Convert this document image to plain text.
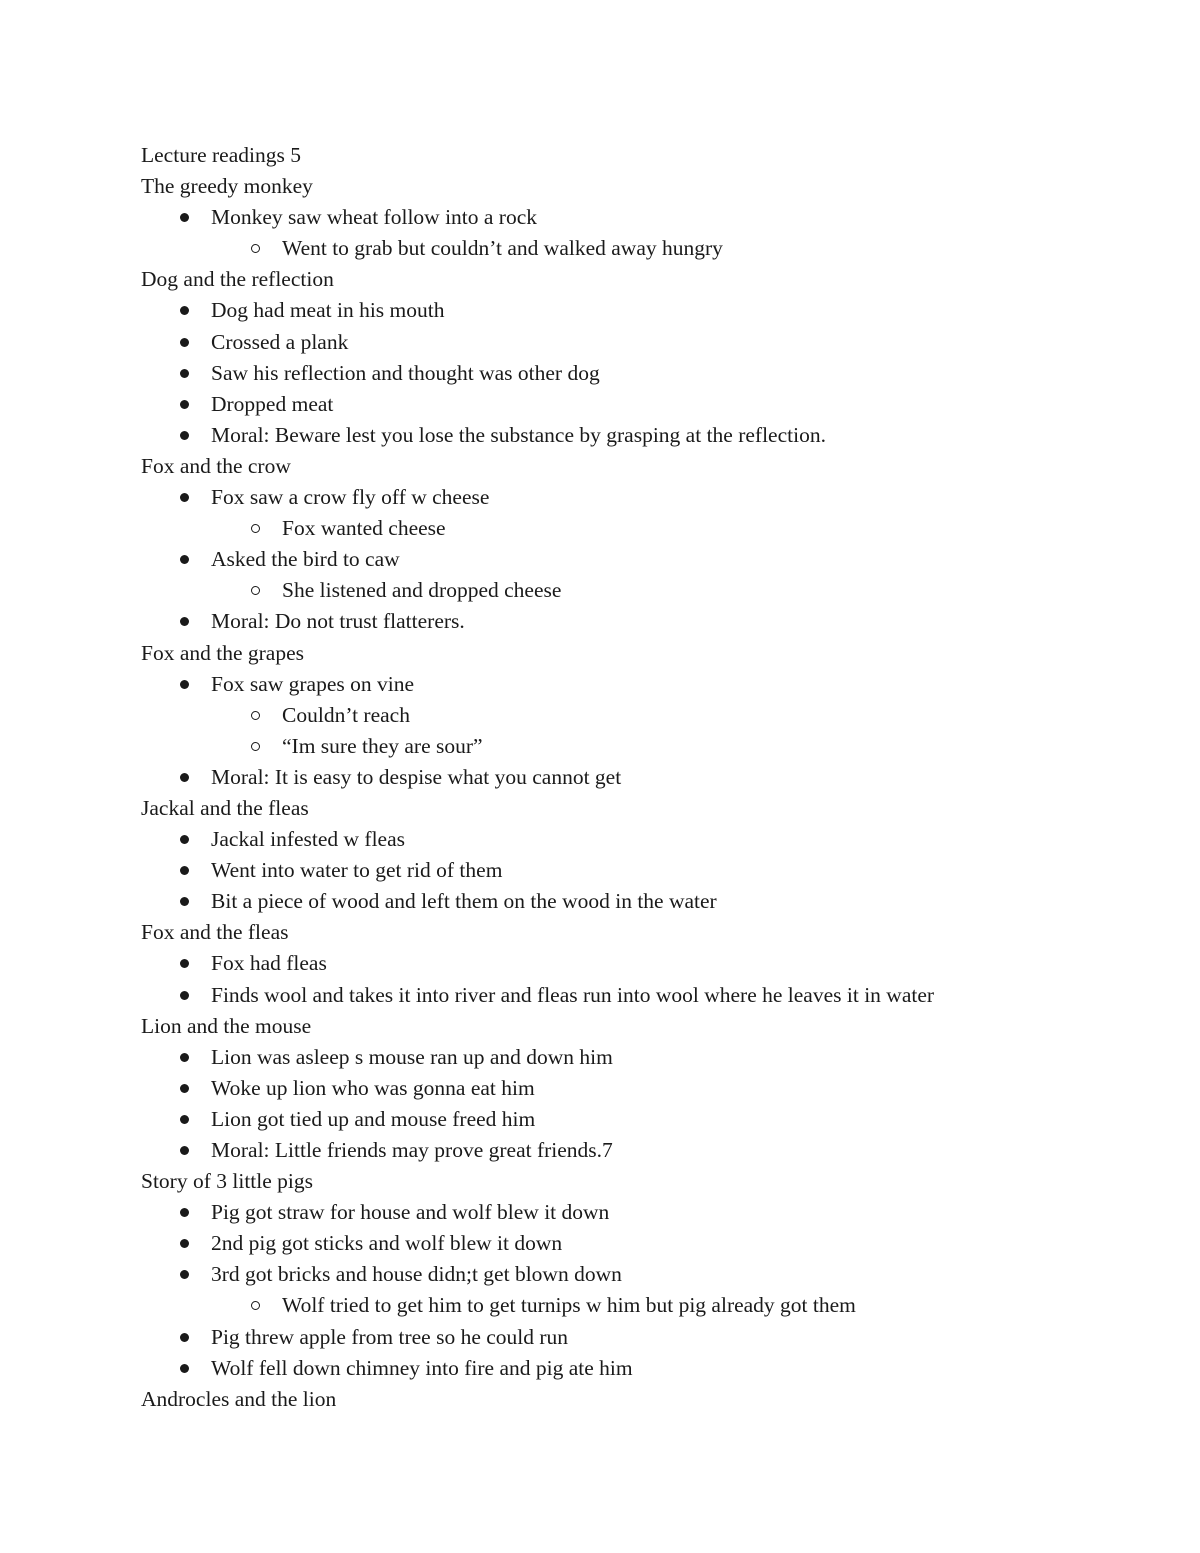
Lecture readings 5
The greedy monkey
Monkey saw wheat follow into a rock
Went to grab but couldn’t and walked away hungry
Dog and the reflection
Dog had meat in his mouth
Crossed a plank
Saw his reflection and thought was other dog
Dropped meat
Moral: Beware lest you lose the substance by grasping at the reflection.
Fox and the crow
Fox saw a crow fly off w cheese
Fox wanted cheese
Asked the bird to caw
She listened and dropped cheese
Moral: Do not trust flatterers.
Fox and the grapes
Fox saw grapes on vine
Couldn’t reach
“Im sure they are sour”
Moral: It is easy to despise what you cannot get
Jackal and the fleas
Jackal infested w fleas
Went into water to get rid of them
Bit a piece of wood and left them on the wood in the water
Fox and the fleas
Fox had fleas
Finds wool and takes it into river and fleas run into wool where he leaves it in water
Lion and the mouse
Lion was asleep s mouse ran up and down him
Woke up lion who was gonna eat him
Lion got tied up and mouse freed him
Moral: Little friends may prove great friends.7
Story of 3 little pigs
Pig got straw for house and wolf blew it down
2nd pig got sticks and wolf blew it down
3rd got bricks and house didn;t get blown down
Wolf tried to get him to get turnips w him but pig already got them
Pig threw apple from tree so he could run
Wolf fell down chimney into fire and pig ate him
Androcles and the lion
